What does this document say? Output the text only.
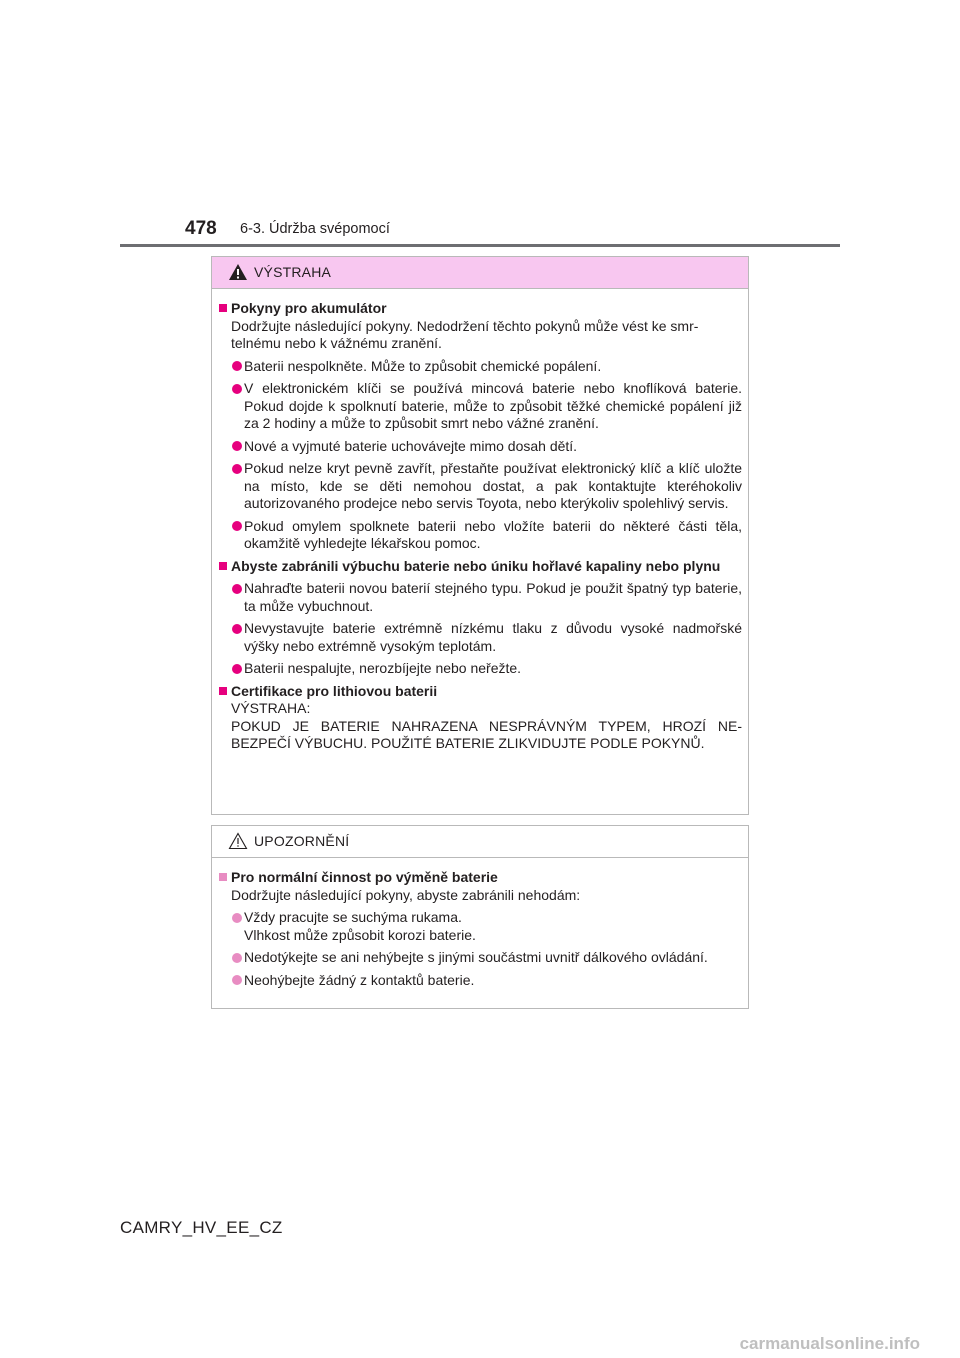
478 6-3. Údržba svépomocí
VÝSTRAHA
Pokyny pro akumulátor
Dodržujte následující pokyny. Nedodržení těchto pokynů může vést ke smr-telnému nebo k vážnému zranění.
Baterii nespolkněte. Může to způsobit chemické popálení.
V elektronickém klíči se používá mincová baterie nebo knoflíková baterie. Pokud dojde k spolknutí baterie, může to způsobit těžké chemické popálení již za 2 hodiny a může to způsobit smrt nebo vážné zranění.
Nové a vyjmuté baterie uchovávejte mimo dosah dětí.
Pokud nelze kryt pevně zavřít, přestaňte používat elektronický klíč a klíč uložte na místo, kde se děti nemohou dostat, a pak kontaktujte kteréhokoliv autorizovaného prodejce nebo servis Toyota, nebo kterýkoliv spolehlivý servis.
Pokud omylem spolknete baterii nebo vložíte baterii do některé části těla, okamžitě vyhledejte lékařskou pomoc.
Abyste zabránili výbuchu baterie nebo úniku hořlavé kapaliny nebo plynu
Nahraďte baterii novou baterií stejného typu. Pokud je použit špatný typ baterie, ta může vybuchnout.
Nevystavujte baterie extrémně nízkému tlaku z důvodu vysoké nadmořské výšky nebo extrémně vysokým teplotám.
Baterii nespalujte, nerozbíjejte nebo neřežte.
Certifikace pro lithiovou baterii
VÝSTRAHA:
POKUD JE BATERIE NAHRAZENA NESPRÁVNÝM TYPEM, HROZÍ NE-BEZPEČÍ VÝBUCHU. POUŽITÉ BATERIE ZLIKVIDUJTE PODLE POKYNŮ.
UPOZORNĚNÍ
Pro normální činnost po výměně baterie
Dodržujte následující pokyny, abyste zabránili nehodám:
Vždy pracujte se suchýma rukama.
Vlhkost může způsobit korozi baterie.
Nedotýkejte se ani nehýbejte s jinými součástmi uvnitř dálkového ovládání.
Neohýbejte žádný z kontaktů baterie.
CAMRY_HV_EE_CZ
carmanualsonline.info
